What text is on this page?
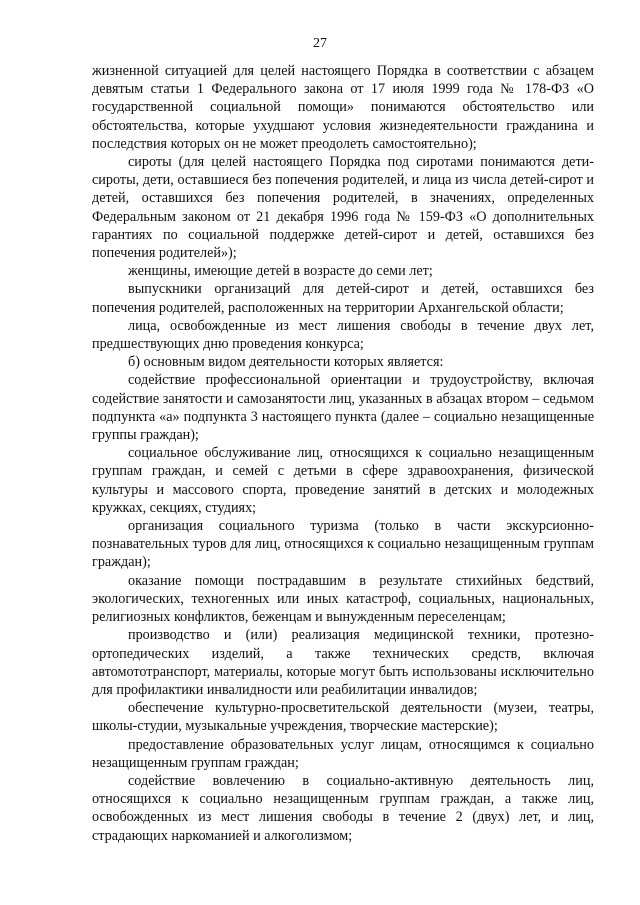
27

жизненной ситуацией для целей настоящего Порядка в соответствии с абзацем девятым статьи 1 Федерального закона от 17 июля 1999 года № 178-ФЗ «О государственной социальной помощи» понимаются обстоятельство или обстоятельства, которые ухудшают условия жизнедеятельности гражданина и последствия которых он не может преодолеть самостоятельно);

сироты (для целей настоящего Порядка под сиротами понимаются дети-сироты, дети, оставшиеся без попечения родителей, и лица из числа детей-сирот и детей, оставшихся без попечения родителей, в значениях, определенных Федеральным законом от 21 декабря 1996 года № 159-ФЗ «О дополнительных гарантиях по социальной поддержке детей-сирот и детей, оставшихся без попечения родителей»);

женщины, имеющие детей в возрасте до семи лет;

выпускники организаций для детей-сирот и детей, оставшихся без попечения родителей, расположенных на территории Архангельской области;

лица, освобожденные из мест лишения свободы в течение двух лет, предшествующих дню проведения конкурса;

б) основным видом деятельности которых является:

содействие профессиональной ориентации и трудоустройству, включая содействие занятости и самозанятости лиц, указанных в абзацах втором – седьмом подпункта «а» подпункта 3 настоящего пункта (далее – социально незащищенные группы граждан);

социальное обслуживание лиц, относящихся к социально незащищенным группам граждан, и семей с детьми в сфере здравоохранения, физической культуры и массового спорта, проведение занятий в детских и молодежных кружках, секциях, студиях;

организация социального туризма (только в части экскурсионно-познавательных туров для лиц, относящихся к социально незащищенным группам граждан);

оказание помощи пострадавшим в результате стихийных бедствий, экологических, техногенных или иных катастроф, социальных, национальных, религиозных конфликтов, беженцам и вынужденным переселенцам;

производство и (или) реализация медицинской техники, протезно-ортопедических изделий, а также технических средств, включая автомототранспорт, материалы, которые могут быть использованы исключительно для профилактики инвалидности или реабилитации инвалидов;

обеспечение культурно-просветительской деятельности (музеи, театры, школы-студии, музыкальные учреждения, творческие мастерские);

предоставление образовательных услуг лицам, относящимся к социально незащищенным группам граждан;

содействие вовлечению в социально-активную деятельность лиц, относящихся к социально незащищенным группам граждан, а также лиц, освобожденных из мест лишения свободы в течение 2 (двух) лет, и лиц, страдающих наркоманией и алкоголизмом;
